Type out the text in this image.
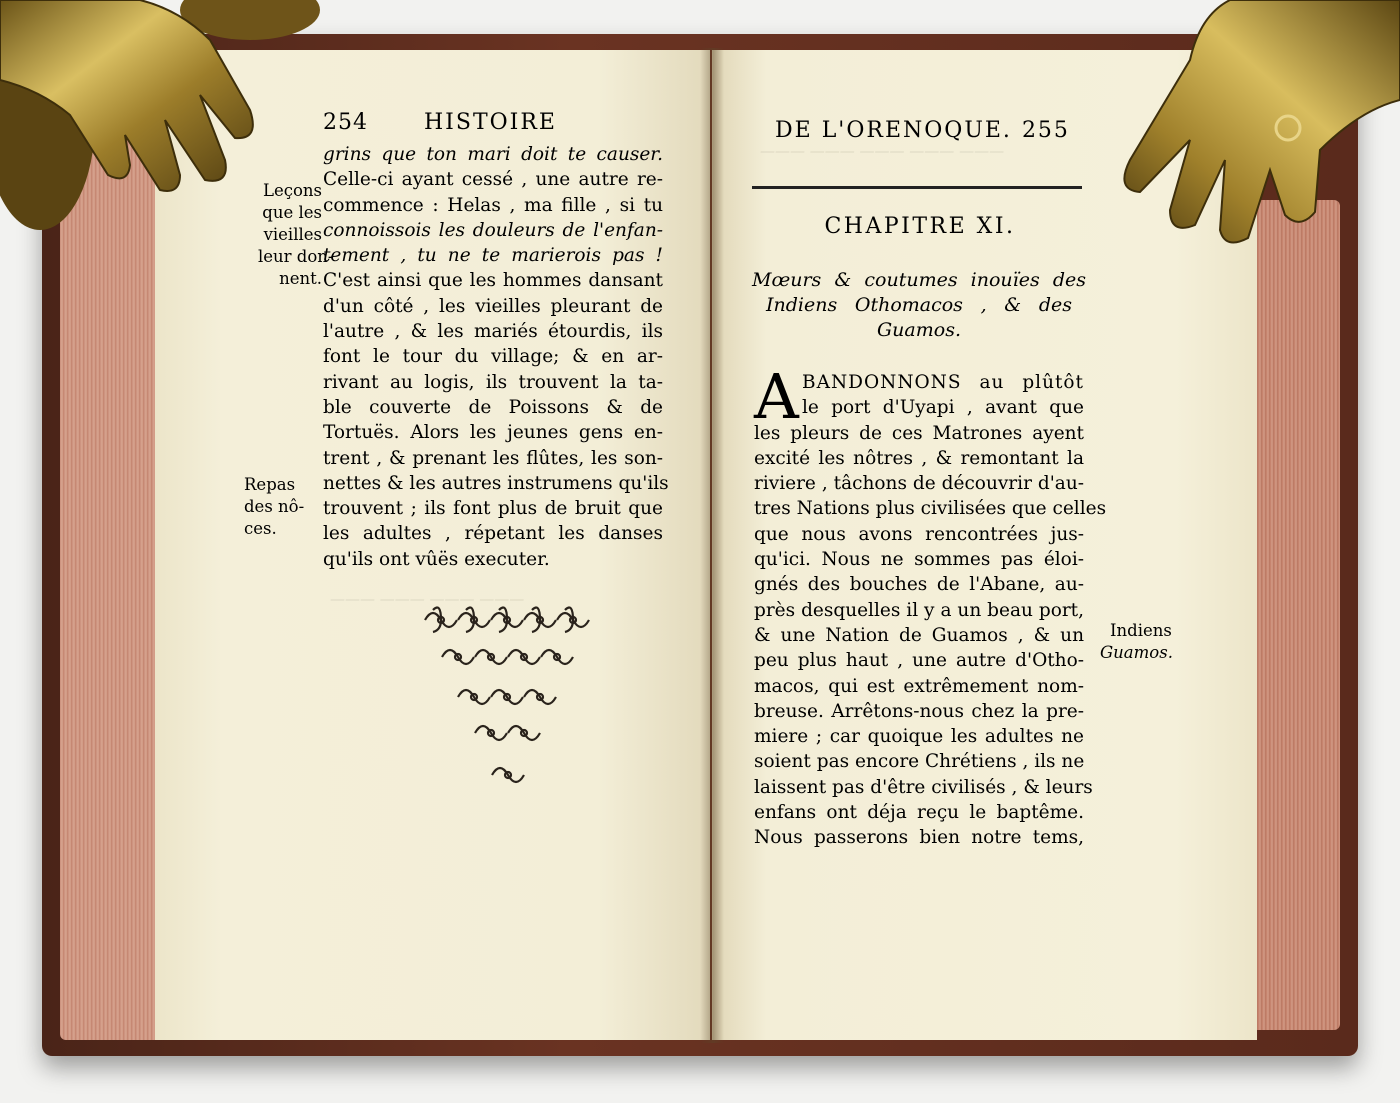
——— ——— ——— ——— ———
——— ——— ——— ———
254	HISTOIRE
Leçons
que les
vieilles
leur don-
nent.
Repas
des nô-
ces.
grins que ton mari doit te causer.
Celle-ci ayant cessé , une autre re-
commence : Helas , ma fille , si tu
connoissois les douleurs de l'enfan-
tement , tu ne te marierois pas !
C'est ainsi que les hommes dansant
d'un côté , les vieilles pleurant de
l'autre , & les mariés étourdis, ils
font le tour du village; & en ar-
rivant au logis, ils trouvent la ta-
ble couverte de Poissons & de
Tortuës. Alors les jeunes gens en-
trent , & prenant les flûtes, les son-
nettes & les autres instrumens qu'ils
trouvent ; ils font plus de bruit que
les adultes , répetant les danses
qu'ils ont vûës executer.
DE L'ORENOQUE. 255
CHAPITRE XI.
Mœurs & coutumes inouïes des
Indiens Othomacos , & des
Guamos.
A BANDONNONS au plûtôt
le port d'Uyapi , avant que
les pleurs de ces Matrones ayent
excité les nôtres , & remontant la
riviere , tâchons de découvrir d'au-
tres Nations plus civilisées que celles
que nous avons rencontrées jus-
qu'ici. Nous ne sommes pas éloi-
gnés des bouches de l'Abane, au-
près desquelles il y a un beau port,
& une Nation de Guamos , & un
peu plus haut , une autre d'Otho-
macos, qui est extrêmement nom-
breuse. Arrêtons-nous chez la pre-
miere ; car quoique les adultes ne
soient pas encore Chrétiens , ils ne
laissent pas d'être civilisés , & leurs
enfans ont déja reçu le baptême.
Nous passerons bien notre tems,
Indiens
Guamos.
